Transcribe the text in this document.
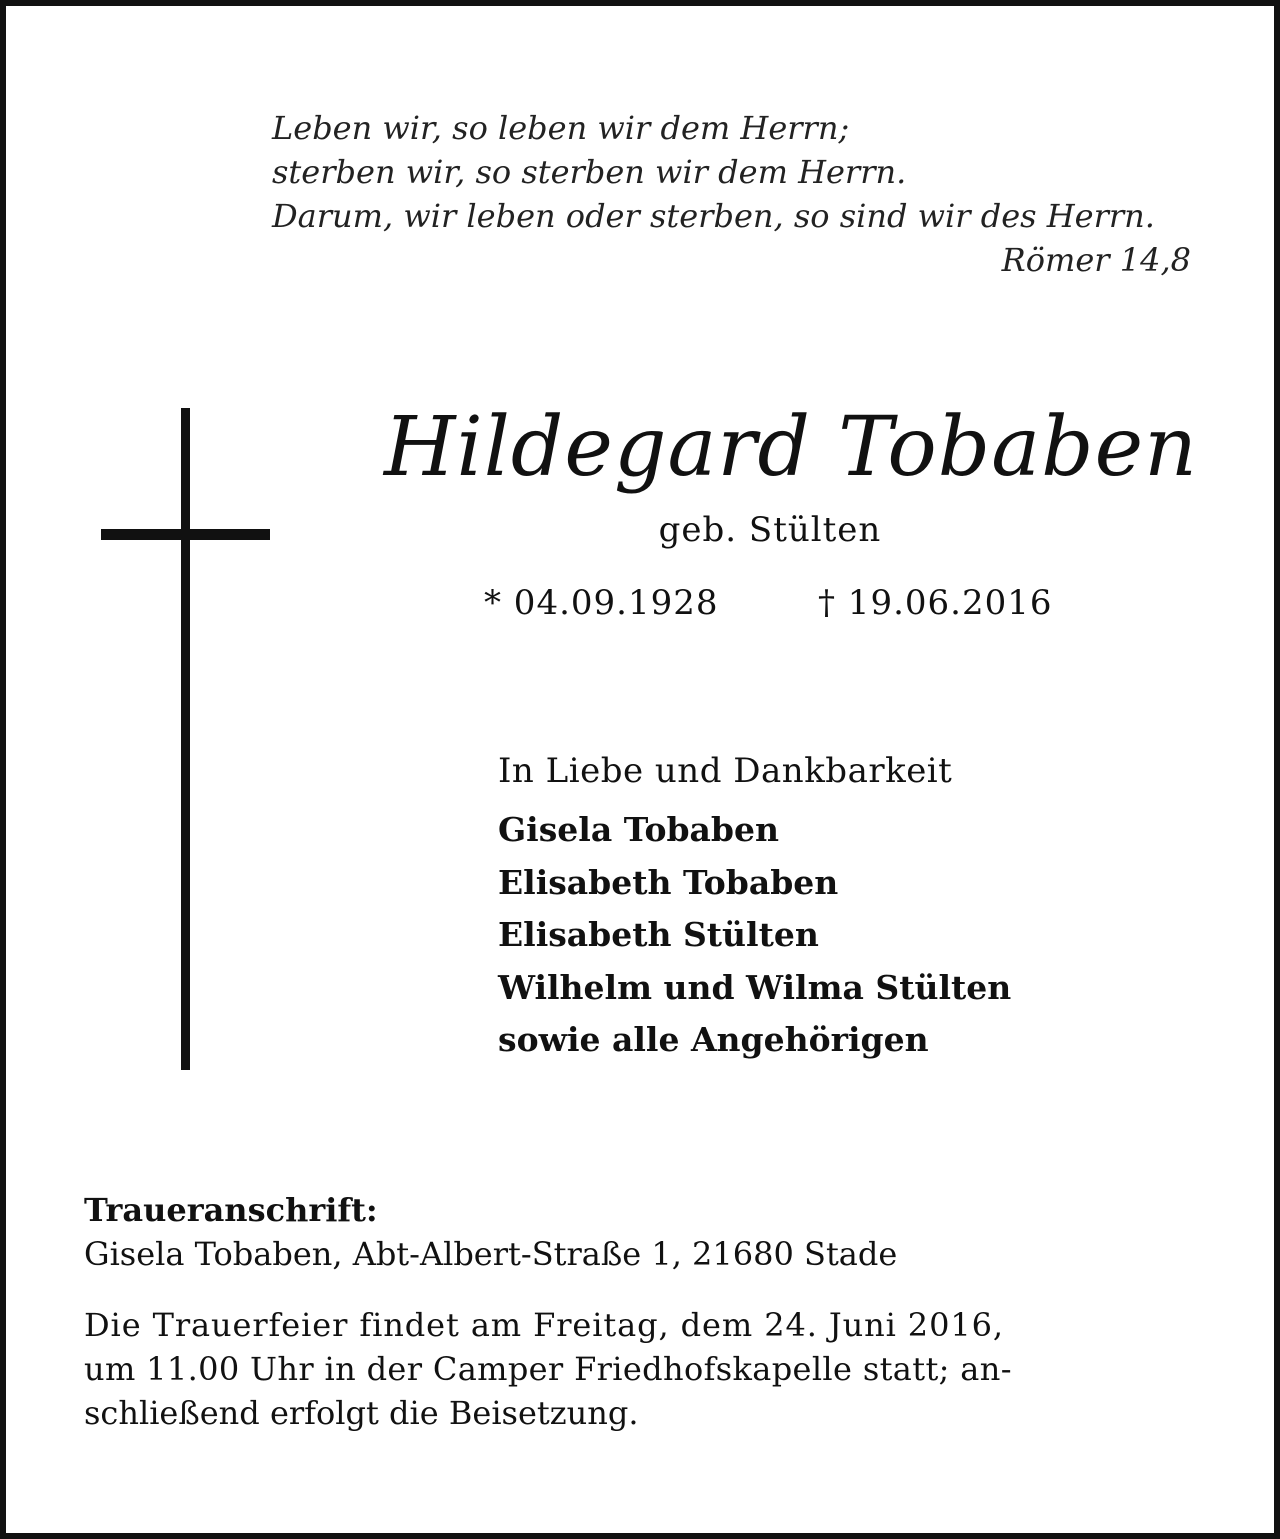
Leben wir, so leben wir dem Herrn;
sterben wir, so sterben wir dem Herrn.
Darum, wir leben oder sterben, so sind wir des Herrn.
Römer 14,8
Hildegard Tobaben
geb. Stülten
* 04.09.1928	† 19.06.2016
In Liebe und Dankbarkeit
Gisela Tobaben
Elisabeth Tobaben
Elisabeth Stülten
Wilhelm und Wilma Stülten
sowie alle Angehörigen
Traueranschrift:
Gisela Tobaben, Abt-Albert-Straße 1, 21680 Stade
Die Trauerfeier findet am Freitag, dem 24. Juni 2016,
um 11.00 Uhr in der Camper Friedhofskapelle statt; an-
schließend erfolgt die Beisetzung.
